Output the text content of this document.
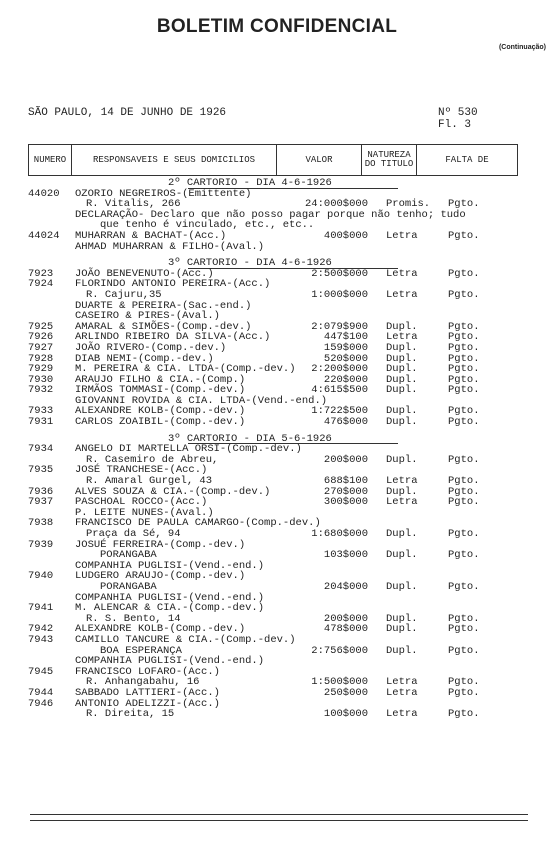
BOLETIM CONFIDENCIAL
(Continuação)
SÃO PAULO, 14 DE JUNHO DE 1926	Nº 530
Fl. 3
NUMERO	RESPONSAVEIS E SEUS DOMICILIOS	VALOR	NATUREZA DO TITULO	FALTA DE
2º CARTORIO - DIA 4-6-1926
44020 OZORIO NEGREIROS-(Emittente)
R. Vitalis, 266	24:000$000 Promis. Pgto.
DECLARAÇÃO- Declaro que não posso pagar porque não tenho; tudo
que tenho é vinculado, etc., etc..
44024 MUHARRAN & BACHAT-(Acc.)	400$000 Letra	Pgto.
AHMAD MUHARRAN & FILHO-(Aval.)
3º CARTORIO - DIA 4-6-1926
7923 JOÃO BENEVENUTO-(Acc.)	2:500$000 Letra	Pgto.
7924 FLORINDO ANTONIO PEREIRA-(Acc.)
R. Cajuru,35	1:000$000 Letra	Pgto.
DUARTE & PEREIRA-(Sac.-end.)
CASEIRO & PIRES-(Aval.)
7925 AMARAL & SIMÕES-(Comp.-dev.)	2:079$900 Dupl.	Pgto.
7926 ARLINDO RIBEIRO DA SILVA-(Acc.)	447$100 Letra	Pgto.
7927 JOÃO RIVERO-(Comp.-dev.)	159$000 Dupl.	Pgto.
7928 DIAB NEMI-(Comp.-dev.)	520$000 Dupl.	Pgto.
7929 M. PEREIRA & CIA. LTDA-(Comp.-dev.) 2:200$000 Dupl.	Pgto.
7930 ARAUJO FILHO & CIA.-(Comp.)	220$000 Dupl.	Pgto.
7932 IRMÃOS TOMMASI-(Comp.-dev.)	4:615$500 Dupl.	Pgto.
GIOVANNI ROVIDA & CIA. LTDA-(Vend.-end.)
7933 ALEXANDRE KOLB-(Comp.-dev.)	1:722$500 Dupl.	Pgto.
7931 CARLOS ZOAIBIL-(Comp.-dev.)	476$000 Dupl.	Pgto.
3º CARTORIO - DIA 5-6-1926
7934 ANGELO DI MARTELLA ORSI-(Comp.-dev.)
R. Casemiro de Abreu,	200$000 Dupl.	Pgto.
7935 JOSÉ TRANCHESE-(Acc.)
R. Amaral Gurgel, 43	688$100 Letra	Pgto.
7936 ALVES SOUZA & CIA.-(Comp.-dev.)	270$000 Dupl.	Pgto.
7937 PASCHOAL ROCCO-(Acc.)	300$000 Letra	Pgto.
P. LEITE NUNES-(Aval.)
7938 FRANCISCO DE PAULA CAMARGO-(Comp.-dev.)
Praça da Sé, 94	1:680$000 Dupl.	Pgto.
7939 JOSUÉ FERREIRA-(Comp.-dev.)
PORANGABA	103$000 Dupl.	Pgto.
COMPANHIA PUGLISI-(Vend.-end.)
7940 LUDGERO ARAUJO-(Comp.-dev.)
PORANGABA	204$000 Dupl.	Pgto.
COMPANHIA PUGLISI-(Vend.-end.)
7941 M. ALENCAR & CIA.-(Comp.-dev.)
R. S. Bento, 14	200$000 Dupl.	Pgto.
7942 ALEXANDRE KOLB-(Comp.-dev.)	478$000 Dupl.	Pgto.
7943 CAMILLO TANCURE & CIA.-(Comp.-dev.)
BOA ESPERANÇA	2:756$000 Dupl.	Pgto.
COMPANHIA PUGLISI-(Vend.-end.)
7945 FRANCISCO LOFARO-(Acc.)
R. Anhangabahu, 16	1:500$000 Letra	Pgto.
7944 SABBADO LATTIERI-(Acc.)	250$000 Letra	Pgto.
7946 ANTONIO ADELIZZI-(Acc.)
R. Direita, 15	100$000 Letra	Pgto.
